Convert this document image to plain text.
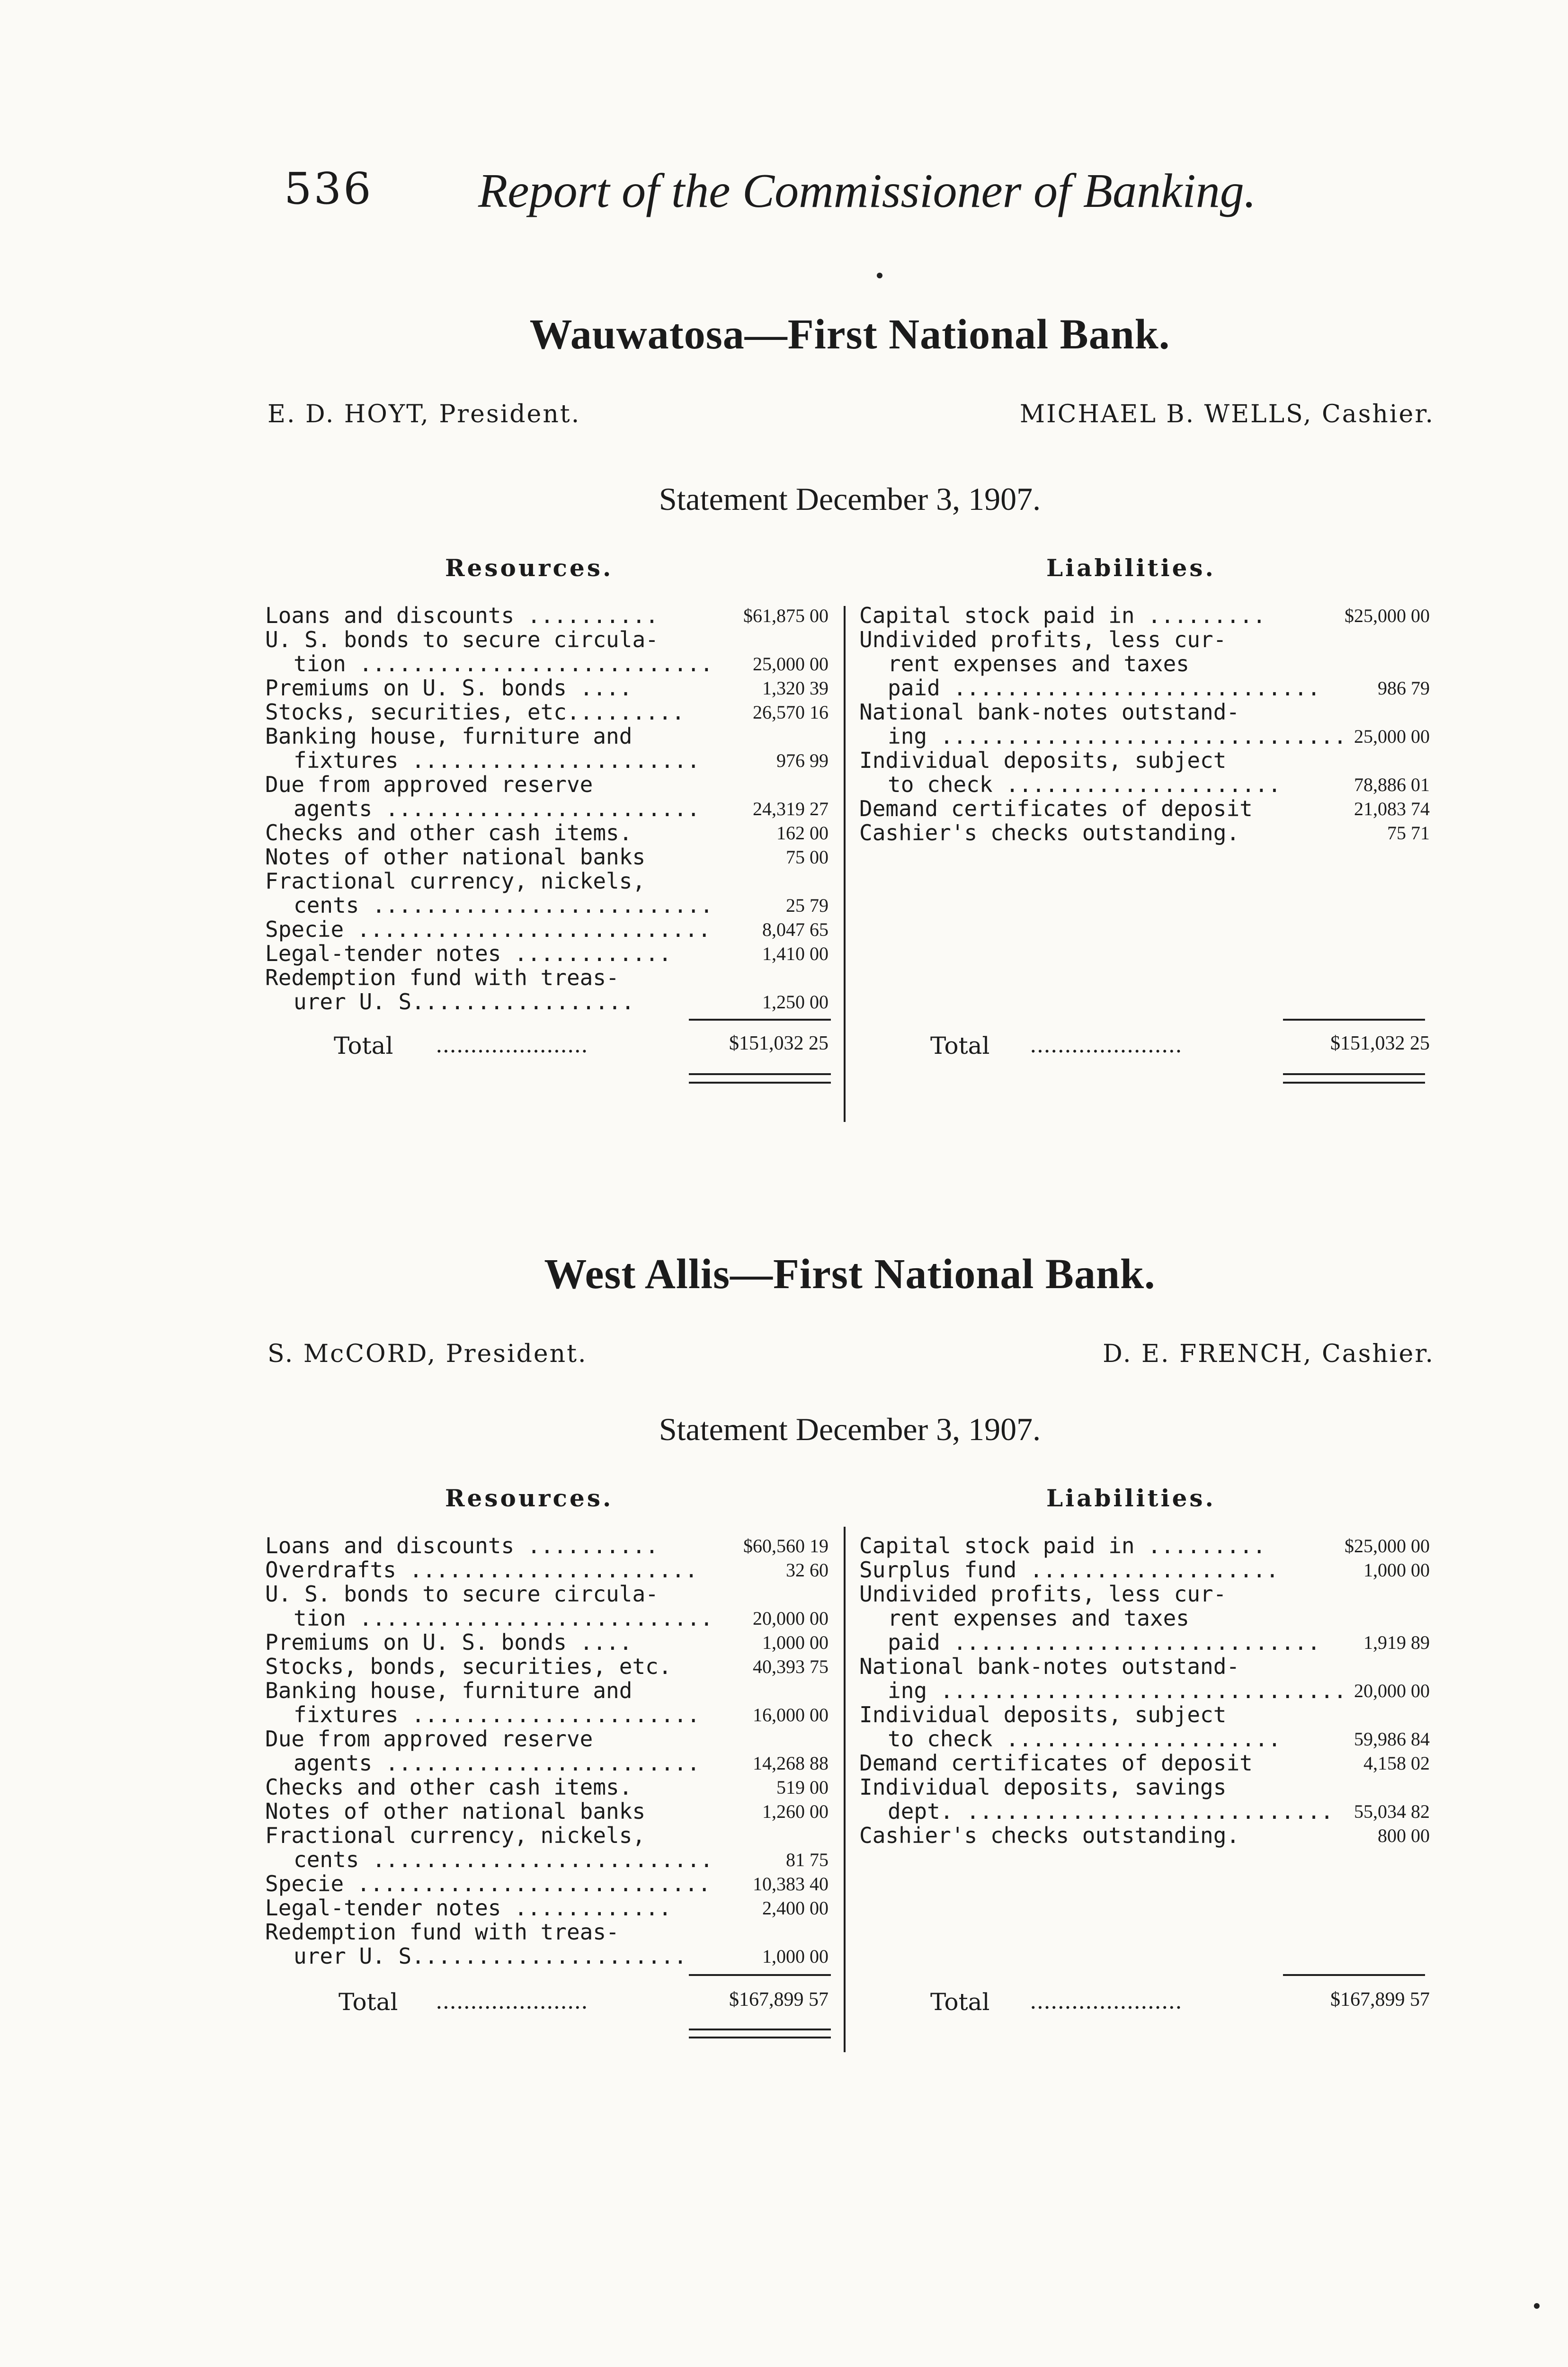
536 Report of the Commissioner of Banking.
Wauwatosa—First National Bank.
E. D. HOYT, President.	MICHAEL B. WELLS, Cashier.
Statement December 3, 1907.
Resources.	Liabilities.
Loans and discounts ..........	$61,875 00
U. S. bonds to secure circula-
tion ........................... 25,000 00
Premiums on U. S. bonds ....	1,320 39
Stocks, securities, etc.........	26,570 16
Banking house, furniture and
fixtures ......................	976 99
Due from approved reserve
agents ........................	24,319 27
Checks and other cash items.	162 00
Notes of other national banks	75 00
Fractional currency, nickels,
cents ..........................	25 79
Specie ...........................	8,047 65
Legal-tender notes ............	1,410 00
Redemption fund with treas-
urer U. S.................	1,250 00
Capital stock paid in .........	$25,000 00
Undivided profits, less cur-
rent expenses and taxes
paid ............................	986 79
National bank-notes outstand-
ing ............................... 25,000 00
Individual deposits, subject
to check .....................	78,886 01
Demand certificates of deposit	21,083 74
Cashier's checks outstanding.	75 71
Total ......................	$151,032 25	Total ......................	$151,032 25
West Allis—First National Bank.
S. McCORD, President.	D. E. FRENCH, Cashier.
Statement December 3, 1907.
Resources.	Liabilities.
Loans and discounts ..........	$60,560 19
Overdrafts ......................	32 60
U. S. bonds to secure circula-
tion ........................... 20,000 00
Premiums on U. S. bonds ....	1,000 00
Stocks, bonds, securities, etc.	40,393 75
Banking house, furniture and
fixtures ......................	16,000 00
Due from approved reserve
agents ........................	14,268 88
Checks and other cash items.	519 00
Notes of other national banks	1,260 00
Fractional currency, nickels,
cents ..........................	81 75
Specie ........................... 10,383 40
Legal-tender notes ............	2,400 00
Redemption fund with treas-
urer U. S.....................	1,000 00
Capital stock paid in .........	$25,000 00
Surplus fund ...................	1,000 00
Undivided profits, less cur-
rent expenses and taxes
paid ............................ 1,919 89
National bank-notes outstand-
ing ............................... 20,000 00
Individual deposits, subject
to check .....................	59,986 84
Demand certificates of deposit	4,158 02
Individual deposits, savings
dept. ............................ 55,034 82
Cashier's checks outstanding.	800 00
Total ......................	$167,899 57	Total ......................	$167,899 57
